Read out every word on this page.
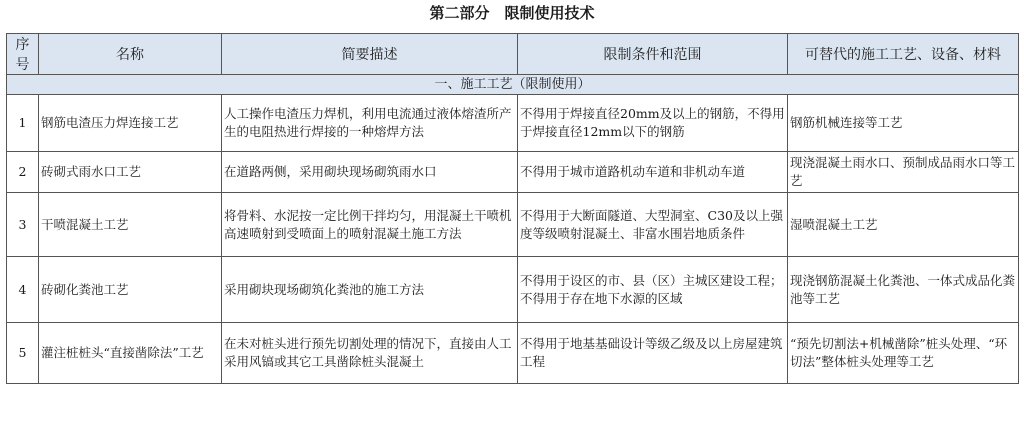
第二部分　限制使用技术
序号	名称	简要描述	限制条件和范围	可替代的施工工艺、设备、材料
一、施工工艺（限制使用）				
1	钢筋电渣压力焊连接工艺	人工操作电渣压力焊机，利用电流通过液体熔渣所产生的电阻热进行焊接的一种熔焊方法	不得用于焊接直径20mm及以上的钢筋，不得用于焊接直径12mm以下的钢筋	钢筋机械连接等工艺
2	砖砌式雨水口工艺	在道路两侧，采用砌块现场砌筑雨水口	不得用于城市道路机动车道和非机动车道	现浇混凝土雨水口、预制成品雨水口等工艺
3	干喷混凝土工艺	将骨料、水泥按一定比例干拌均匀，用混凝土干喷机高速喷射到受喷面上的喷射混凝土施工方法	不得用于大断面隧道、大型洞室、C30及以上强度等级喷射混凝土、非富水围岩地质条件	湿喷混凝土工艺
4	砖砌化粪池工艺	采用砌块现场砌筑化粪池的施工方法	不得用于设区的市、县（区）主城区建设工程；不得用于存在地下水源的区域	现浇钢筋混凝土化粪池、一体式成品化粪池等工艺
5	灌注桩桩头“直接凿除法”工艺	在未对桩头进行预先切割处理的情况下，直接由人工采用风镐或其它工具凿除桩头混凝土	不得用于地基基础设计等级乙级及以上房屋建筑工程	“预先切割法+机械凿除”桩头处理、“环切法”整体桩头处理等工艺
